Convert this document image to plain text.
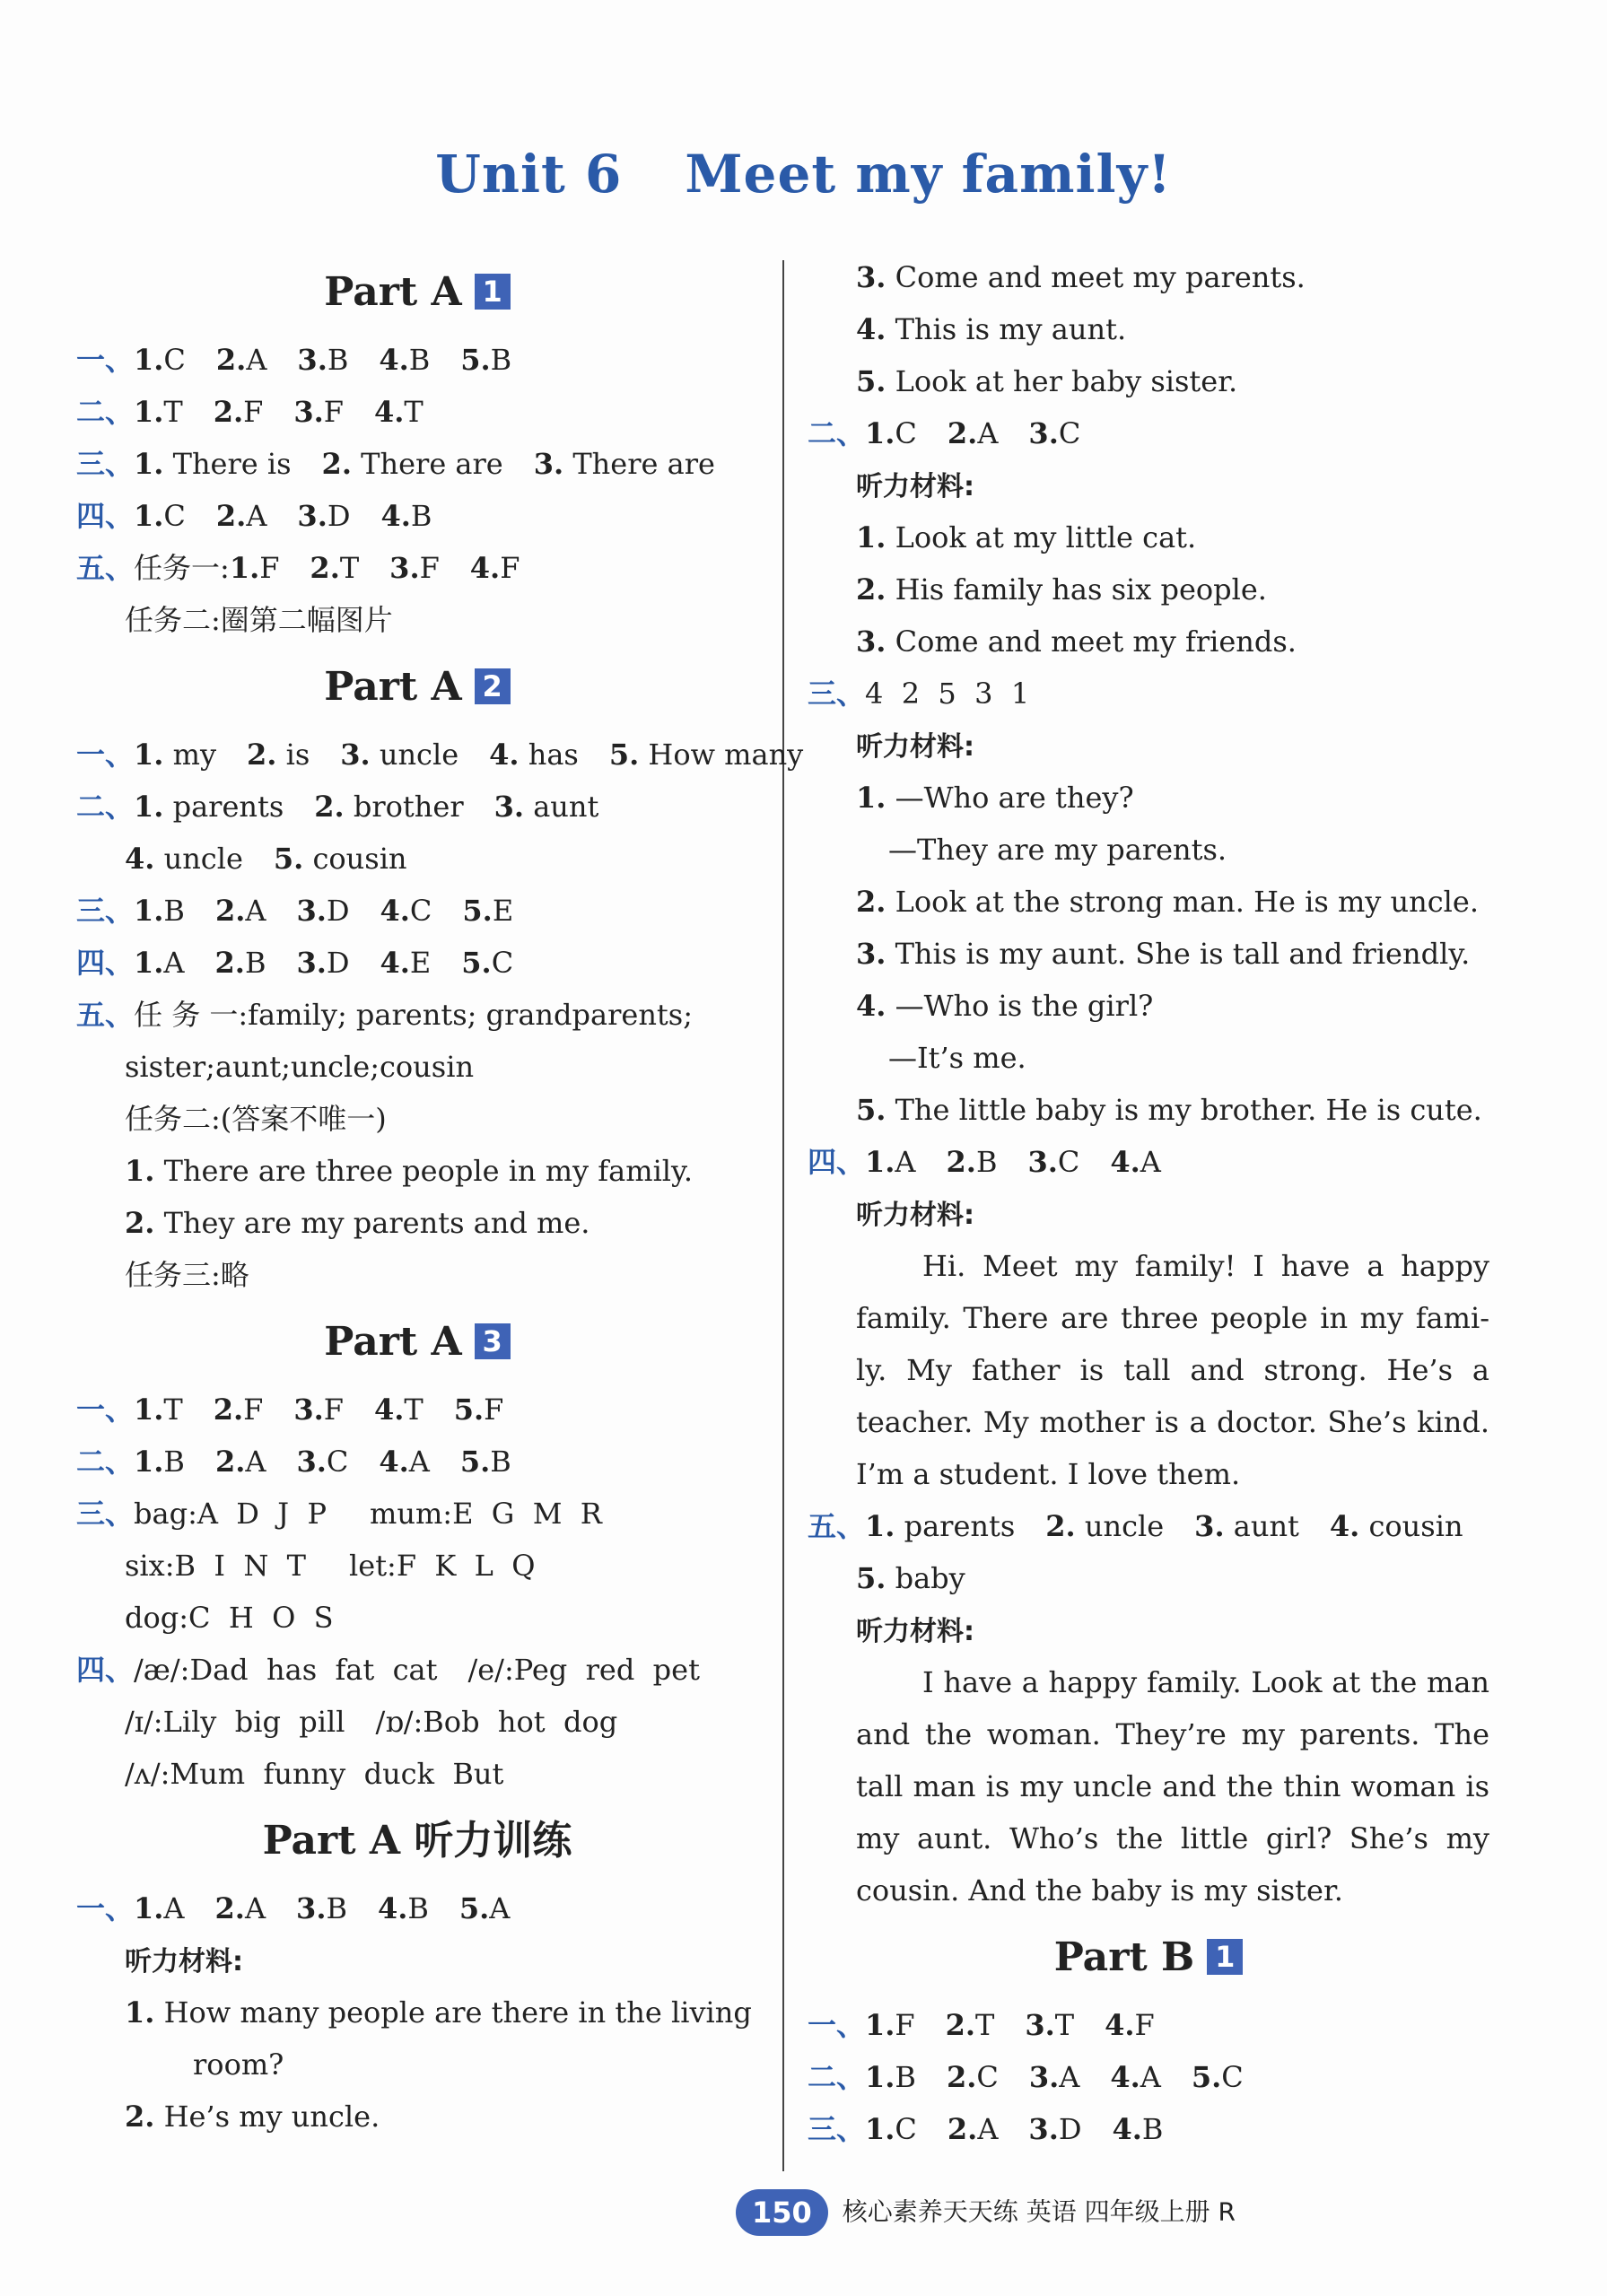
Unit 6 Meet my family!
Part A 1
一、1.C 2.A 3.B 4.B 5.B
二、1.T 2.F 3.F 4.T
三、1. There is 2. There are 3. There are
四、1.C 2.A 3.D 4.B
五、任务一:1.F 2.T 3.F 4.F
任务二:圈第二幅图片
Part A 2
一、1. my 2. is 3. uncle 4. has 5. How many
二、1. parents 2. brother 3. aunt
4. uncle 5. cousin
三、1.B 2.A 3.D 4.C 5.E
四、1.A 2.B 3.D 4.E 5.C
五、任 务 一:family; parents; grandparents;
sister;aunt;uncle;cousin
任务二:(答案不唯一)
1. There are three people in my family.
2. They are my parents and me.
任务三:略
Part A 3
一、1.T 2.F 3.F 4.T 5.F
二、1.B 2.A 3.C 4.A 5.B
三、bag:A  D  J  P mum:E  G  M  R
six:B  I  N  T let:F  K  L  Q
dog:C  H  O  S
四、/æ/:Dad  has  fat  cat /e/:Peg  red  pet
/ɪ/:Lily  big  pill /ɒ/:Bob  hot  dog
/ʌ/:Mum  funny  duck  But
Part A 听力训练
一、1.A 2.A 3.B 4.B 5.A
听力材料:
1. How many people are there in the living
room?
2. He’s my uncle.
3. Come and meet my parents.
4. This is my aunt.
5. Look at her baby sister.
二、1.C 2.A 3.C
听力材料:
1. Look at my little cat.
2. His family has six people.
3. Come and meet my friends.
三、4  2  5  3  1
听力材料:
1. —Who are they?
—They are my parents.
2. Look at the strong man. He is my uncle.
3. This is my aunt. She is tall and friendly.
4. —Who is the girl?
—It’s me.
5. The little baby is my brother. He is cute.
四、1.A 2.B 3.C 4.A
听力材料:
Hi. Meet my family! I have a happy family. There are three people in my fami-ly. My father is tall and strong. He’s a teacher. My mother is a doctor. She’s kind. I’m a student. I love them.
五、1. parents 2. uncle 3. aunt 4. cousin
5. baby
听力材料:
I have a happy family. Look at the man and the woman. They’re my parents. The tall man is my uncle and the thin woman is my aunt. Who’s the little girl? She’s my cousin. And the baby is my sister.
Part B 1
一、1.F 2.T 3.T 4.F
二、1.B 2.C 3.A 4.A 5.C
三、1.C 2.A 3.D 4.B
150 核心素养天天练 英语 四年级上册 R
